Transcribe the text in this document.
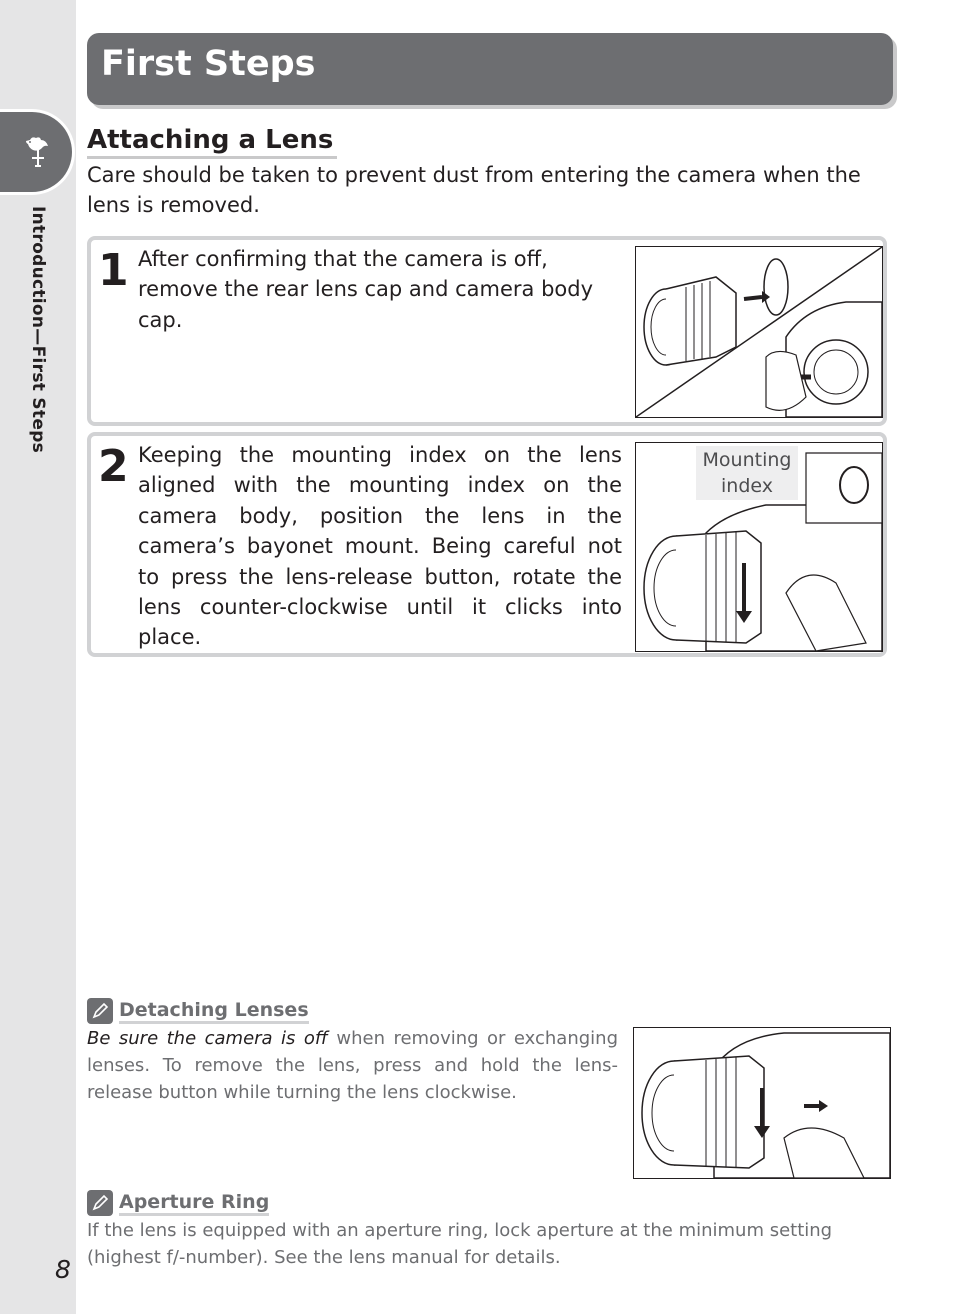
Introduction—First Steps
8
First Steps
Attaching a Lens
Care should be taken to prevent dust from entering the camera when the lens is removed.
1 After confirming that the camera is off, remove the rear lens cap and camera body cap.
2 Keeping the mounting index on the lens aligned with the mounting index on the camera body, position the lens in the camera’s bayonet mount. Being careful not to press the lens-release button, rotate the lens counter-clockwise until it clicks into place.
Mounting
index
Detaching Lenses
Be sure the camera is off when removing or exchanging lenses. To remove the lens, press and hold the lens-release button while turning the lens clockwise.
Aperture Ring
If the lens is equipped with an aperture ring, lock aperture at the minimum setting (highest f/-number). See the lens manual for details.
